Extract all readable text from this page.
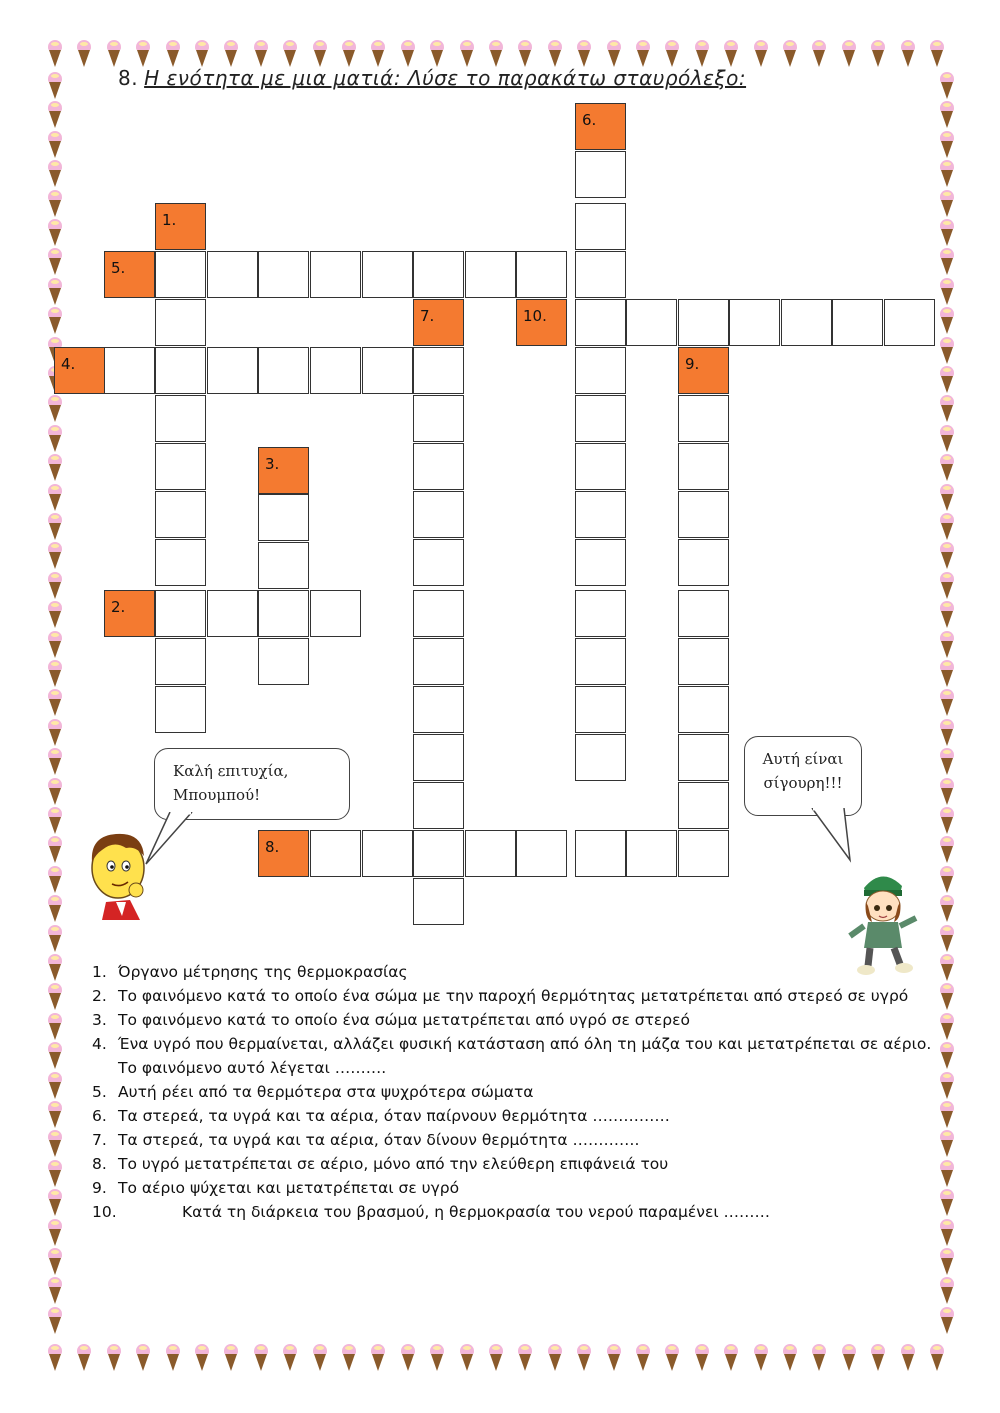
8. Η ενότητα με μια ματιά: Λύσε το παρακάτω σταυρόλεξο:
5.
10.
4.
8.
2.
1.
3.
6.
7.
9.
Καλή επιτυχία, Μπουμπού!
Αυτή είναι σίγουρη!!!
1. Όργανο μέτρησης της θερμοκρασίας
2. Το φαινόμενο κατά το οποίο ένα σώμα με την παροχή θερμότητας μετατρέπεται από στερεό σε υγρό
3. Το φαινόμενο κατά το οποίο ένα σώμα μετατρέπεται από υγρό σε στερεό
4. Ένα υγρό που θερμαίνεται, αλλάζει φυσική κατάσταση από όλη τη μάζα του και μετατρέπεται σε αέριο. Το φαινόμενο αυτό λέγεται ……….
5. Αυτή ρέει από τα θερμότερα στα ψυχρότερα σώματα
6. Τα στερεά, τα υγρά και τα αέρια, όταν παίρνουν θερμότητα ……………
7. Τα στερεά, τα υγρά και τα αέρια, όταν δίνουν θερμότητα ………….
8. Το υγρό μετατρέπεται σε αέριο, μόνο από την ελεύθερη επιφάνειά του
9. Το αέριο ψύχεται και μετατρέπεται σε υγρό
10.	Κατά τη διάρκεια του βρασμού, η θερμοκρασία του νερού παραμένει ………
